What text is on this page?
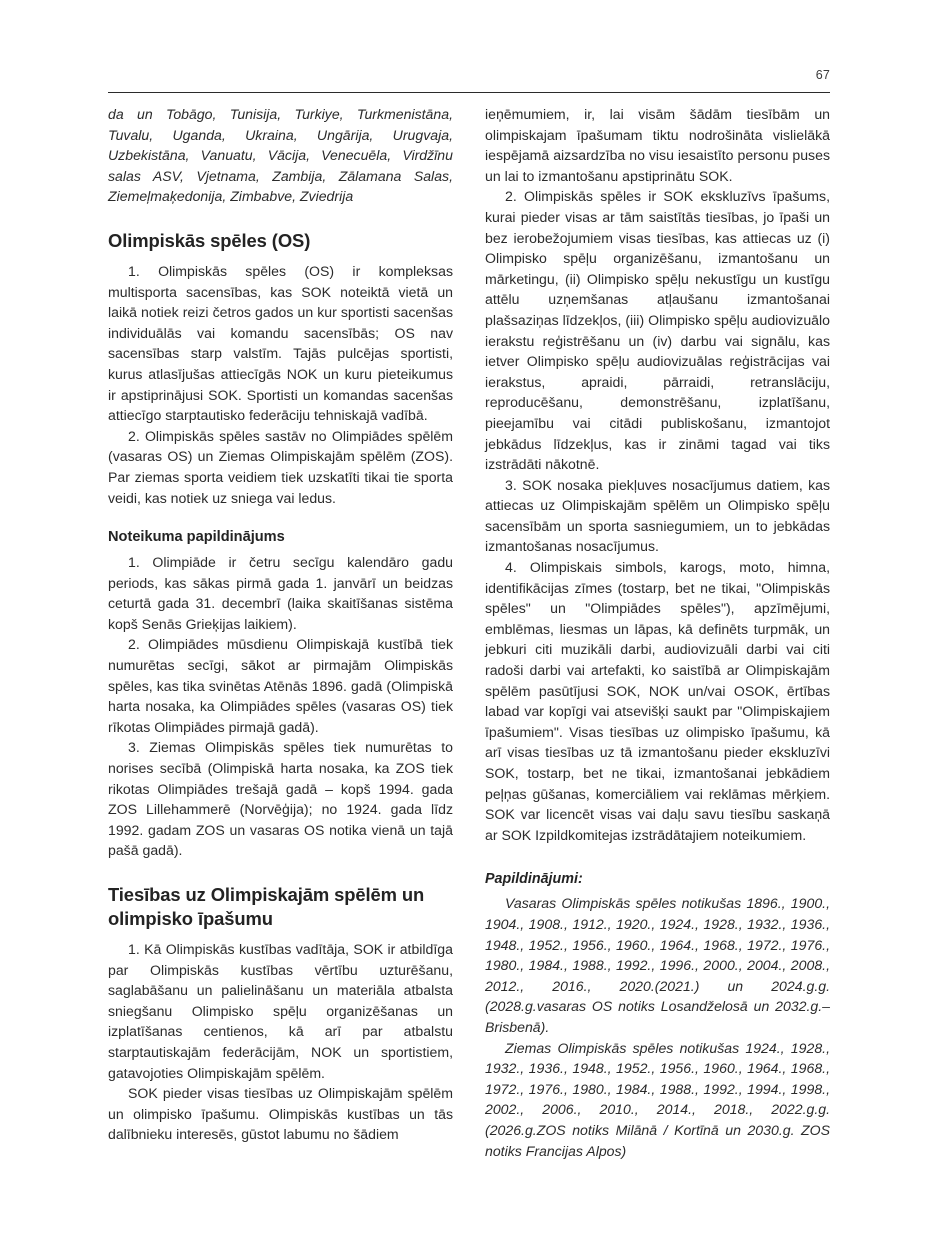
67

da un Tobāgo, Tunisija, Turkiye, Turkmenistāna, Tuvalu, Uganda, Ukraina, Ungārija, Urugvaja, Uzbekistāna, Vanuatu, Vācija, Venecuēla, Virdžīnu salas ASV, Vjetnama, Zambija, Zālamana Salas, Ziemeļmaķedonija, Zimbabve, Zviedrija

Olimpiskās spēles (OS)

1. Olimpiskās spēles (OS) ir kompleksas multisporta sacensības, kas SOK noteiktā vietā un laikā notiek reizi četros gados un kur sportisti sacenšas individuālās vai komandu sacensībās; OS nav sacensības starp valstīm. Tajās pulcējas sportisti, kurus atlasījušas attiecīgās NOK un kuru pieteikumus ir apstiprinājusi SOK. Sportisti un komandas sacenšas attiecīgo starptautisko federāciju tehniskajā vadībā.

2. Olimpiskās spēles sastāv no Olimpiādes spēlēm (vasaras OS) un Ziemas Olimpiskajām spēlēm (ZOS). Par ziemas sporta veidiem tiek uzskatīti tikai tie sporta veidi, kas notiek uz sniega vai ledus.

Noteikuma papildinājums

1. Olimpiāde ir četru secīgu kalendāro gadu periods, kas sākas pirmā gada 1. janvārī un beidzas ceturtā gada 31. decembrī (laika skaitīšanas sistēma kopš Senās Grieķijas laikiem).

2. Olimpiādes mūsdienu Olimpiskajā kustībā tiek numurētas secīgi, sākot ar pirmajām Olimpiskās spēles, kas tika svinētas Atēnās 1896. gadā (Olimpiskā harta nosaka, ka Olimpiādes spēles (vasaras OS) tiek rīkotas Olimpiādes pirmajā gadā).

3. Ziemas Olimpiskās spēles tiek numurētas to norises secībā (Olimpiskā harta nosaka, ka ZOS tiek rikotas Olimpiādes trešajā gadā – kopš 1994. gada ZOS Lillehammerē (Norvēģija); no 1924. gada līdz 1992. gadam ZOS un vasaras OS notika vienā un tajā pašā gadā).

Tiesības uz Olimpiskajām spēlēm un olimpisko īpašumu

1. Kā Olimpiskās kustības vadītāja, SOK ir atbildīga par Olimpiskās kustības vērtību uzturēšanu, saglabāšanu un palielināšanu un materiāla atbalsta sniegšanu Olimpisko spēļu organizēšanas un izplatīšanas centienos, kā arī par atbalstu starptautiskajām federācijām, NOK un sportistiem, gatavojoties Olimpiskajām spēlēm.

SOK pieder visas tiesības uz Olimpiskajām spēlēm un olimpisko īpašumu. Olimpiskās kustības un tās dalībnieku interesēs, gūstot labumu no šādiem

ieņēmumiem, ir, lai visām šādām tiesībām un olimpiskajam īpašumam tiktu nodrošināta vislielākā iespējamā aizsardzība no visu iesaistīto personu puses un lai to izmantošanu apstiprinātu SOK.

2. Olimpiskās spēles ir SOK ekskluzīvs īpašums, kurai pieder visas ar tām saistītās tiesības, jo īpaši un bez ierobežojumiem visas tiesības, kas attiecas uz (i) Olimpisko spēļu organizēšanu, izmantošanu un mārketingu, (ii) Olimpisko spēļu nekustīgu un kustīgu attēlu uzņemšanas atļaušanu izmantošanai plašsaziņas līdzekļos, (iii) Olimpisko spēļu audiovizuālo ierakstu reģistrēšanu un (iv) darbu vai signālu, kas ietver Olimpisko spēļu audiovizuālas reģistrācijas vai ierakstus, apraidi, pārraidi, retranslāciju, reproducēšanu, demonstrēšanu, izplatīšanu, pieejamību vai citādi publiskošanu, izmantojot jebkādus līdzekļus, kas ir zināmi tagad vai tiks izstrādāti nākotnē.

3. SOK nosaka piekļuves nosacījumus datiem, kas attiecas uz Olimpiskajām spēlēm un Olimpisko spēļu sacensībām un sporta sasniegumiem, un to jebkādas izmantošanas nosacījumus.

4. Olimpiskais simbols, karogs, moto, himna, identifikācijas zīmes (tostarp, bet ne tikai, "Olimpiskās spēles" un "Olimpiādes spēles"), apzīmējumi, emblēmas, liesmas un lāpas, kā definēts turpmāk, un jebkuri citi muzikāli darbi, audiovizuāli darbi vai citi radoši darbi vai artefakti, ko saistībā ar Olimpiskajām spēlēm pasūtījusi SOK, NOK un/vai OSOK, ērtības labad var kopīgi vai atsevišķi saukt par "Olimpiskajiem īpašumiem". Visas tiesības uz olimpisko īpašumu, kā arī visas tiesības uz tā izmantošanu pieder ekskluzīvi SOK, tostarp, bet ne tikai, izmantošanai jebkādiem peļņas gūšanas, komerciāliem vai reklāmas mērķiem. SOK var licencēt visas vai daļu savu tiesību saskaņā ar SOK Izpildkomitejas izstrādātajiem noteikumiem.

Papildinājumi:

Vasaras Olimpiskās spēles notikušas 1896., 1900., 1904., 1908., 1912., 1920., 1924., 1928., 1932., 1936., 1948., 1952., 1956., 1960., 1964., 1968., 1972., 1976., 1980., 1984., 1988., 1992., 1996., 2000., 2004., 2008., 2012., 2016., 2020.(2021.) un 2024.g.g. (2028.g.vasaras OS notiks Losandželosā un 2032.g.– Brisbenā).

Ziemas Olimpiskās spēles notikušas 1924., 1928., 1932., 1936., 1948., 1952., 1956., 1960., 1964., 1968., 1972., 1976., 1980., 1984., 1988., 1992., 1994., 1998., 2002., 2006., 2010., 2014., 2018., 2022.g.g. (2026.g.ZOS notiks Milānā / Kortīnā un 2030.g. ZOS notiks Francijas Alpos)
